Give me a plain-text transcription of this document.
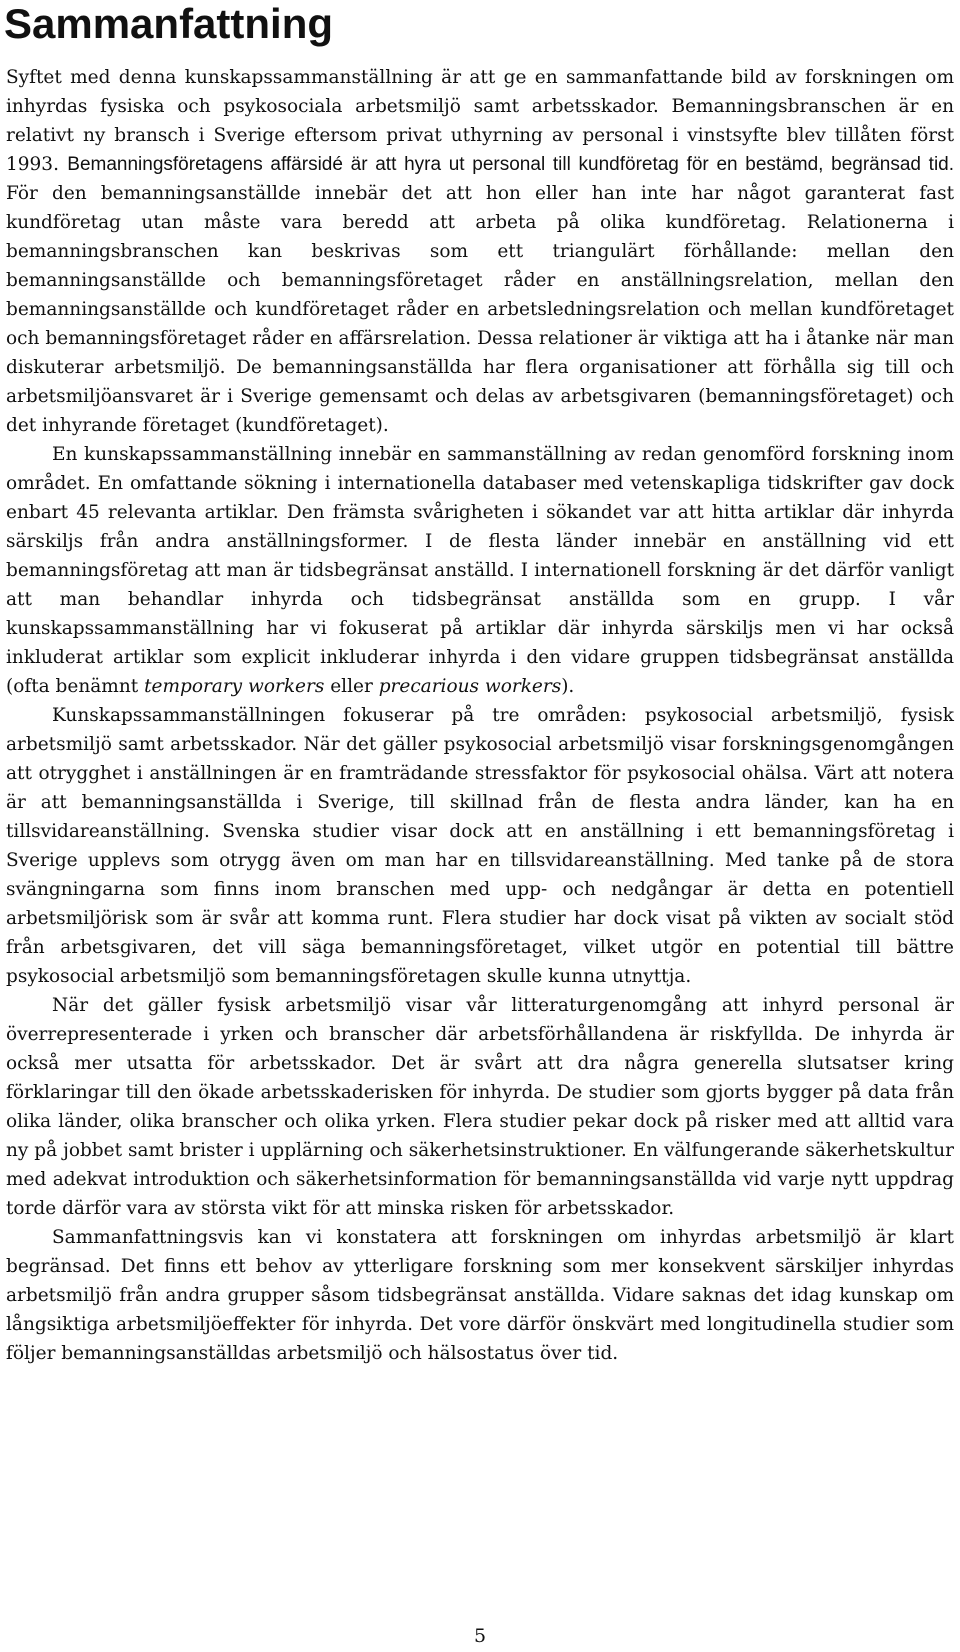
Sammanfattning

Syftet med denna kunskapssammanställning är att ge en sammanfattande bild av forskningen om inhyrdas fysiska och psykosociala arbetsmiljö samt arbetsskador. Bemanningsbranschen är en relativt ny bransch i Sverige eftersom privat uthyrning av personal i vinstsyfte blev tillåten först 1993. Bemanningsföretagens affärsidé är att hyra ut personal till kundföretag för en bestämd, begränsad tid. För den bemanningsanställde innebär det att hon eller han inte har något garanterat fast kundföretag utan måste vara beredd att arbeta på olika kundföretag. Relationerna i bemanningsbranschen kan beskrivas som ett triangulärt förhållande: mellan den bemanningsanställde och bemanningsföretaget råder en anställningsrelation, mellan den bemanningsanställde och kundföretaget råder en arbetsledningsrelation och mellan kundföretaget och bemanningsföretaget råder en affärsrelation. Dessa relationer är viktiga att ha i åtanke när man diskuterar arbetsmiljö. De bemanningsanställda har flera organisationer att förhålla sig till och arbetsmiljöansvaret är i Sverige gemensamt och delas av arbetsgivaren (bemanningsföretaget) och det inhyrande företaget (kundföretaget).

En kunskapssammanställning innebär en sammanställning av redan genomförd forskning inom området. En omfattande sökning i internationella databaser med vetenskapliga tidskrifter gav dock enbart 45 relevanta artiklar. Den främsta svårigheten i sökandet var att hitta artiklar där inhyrda särskiljs från andra anställningsformer. I de flesta länder innebär en anställning vid ett bemanningsföretag att man är tidsbegränsat anställd. I internationell forskning är det därför vanligt att man behandlar inhyrda och tidsbegränsat anställda som en grupp. I vår kunskapssammanställning har vi fokuserat på artiklar där inhyrda särskiljs men vi har också inkluderat artiklar som explicit inkluderar inhyrda i den vidare gruppen tidsbegränsat anställda (ofta benämnt temporary workers eller precarious workers).

Kunskapssammanställningen fokuserar på tre områden: psykosocial arbetsmiljö, fysisk arbetsmiljö samt arbetsskador. När det gäller psykosocial arbetsmiljö visar forskningsgenomgången att otrygghet i anställningen är en framträdande stressfaktor för psykosocial ohälsa. Värt att notera är att bemanningsanställda i Sverige, till skillnad från de flesta andra länder, kan ha en tillsvidareanställning. Svenska studier visar dock att en anställning i ett bemanningsföretag i Sverige upplevs som otrygg även om man har en tillsvidareanställning. Med tanke på de stora svängningarna som finns inom branschen med upp- och nedgångar är detta en potentiell arbetsmiljörisk som är svår att komma runt. Flera studier har dock visat på vikten av socialt stöd från arbetsgivaren, det vill säga bemanningsföretaget, vilket utgör en potential till bättre psykosocial arbetsmiljö som bemanningsföretagen skulle kunna utnyttja.

När det gäller fysisk arbetsmiljö visar vår litteraturgenomgång att inhyrd personal är överrepresenterade i yrken och branscher där arbetsförhållandena är riskfyllda. De inhyrda är också mer utsatta för arbetsskador. Det är svårt att dra några generella slutsatser kring förklaringar till den ökade arbetsskaderisken för inhyrda. De studier som gjorts bygger på data från olika länder, olika branscher och olika yrken. Flera studier pekar dock på risker med att alltid vara ny på jobbet samt brister i upplärning och säkerhetsinstruktioner. En välfungerande säkerhetskultur med adekvat introduktion och säkerhetsinformation för bemanningsanställda vid varje nytt uppdrag torde därför vara av största vikt för att minska risken för arbetsskador.

Sammanfattningsvis kan vi konstatera att forskningen om inhyrdas arbetsmiljö är klart begränsad. Det finns ett behov av ytterligare forskning som mer konsekvent särskiljer inhyrdas arbetsmiljö från andra grupper såsom tidsbegränsat anställda. Vidare saknas det idag kunskap om långsiktiga arbetsmiljöeffekter för inhyrda. Det vore därför önskvärt med longitudinella studier som följer bemanningsanställdas arbetsmiljö och hälsostatus över tid.

5
